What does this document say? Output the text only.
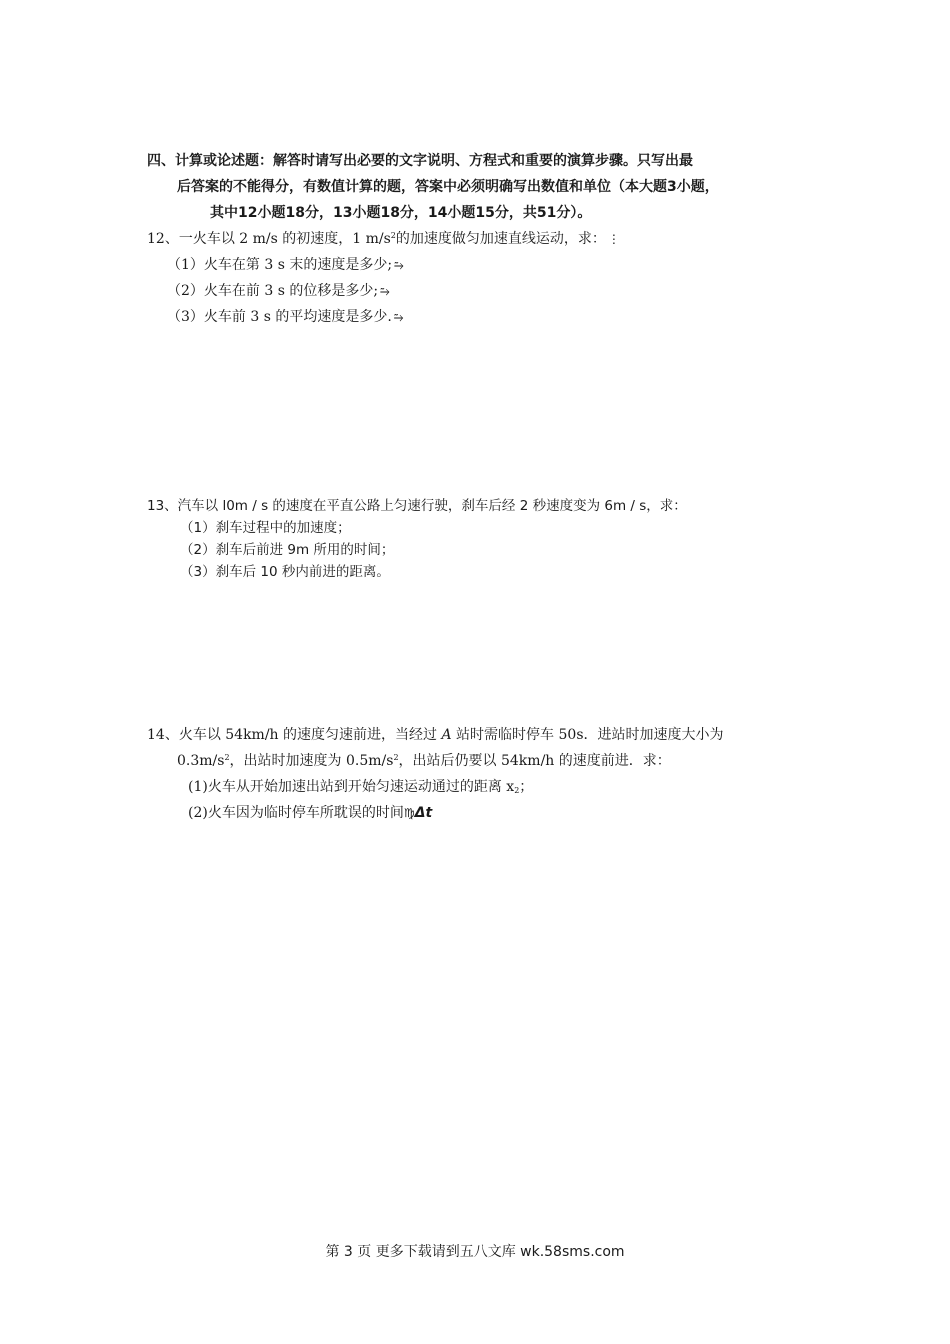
四、计算或论述题：解答时请写出必要的文字说明、方程式和重要的演算步骤。只写出最
后答案的不能得分，有数值计算的题，答案中必须明确写出数值和单位（本大题3小题，
其中12小题18分，13小题18分，14小题15分，共51分）。
12、一火车以 2 m/s 的初速度，1 $m/s^2$的加速度做匀加速直线运动，求： ⋮
（1）火车在第 3 s 末的速度是多少; ⥲
（2）火车在前 3 s 的位移是多少; ⥲
（3）火车前 3 s 的平均速度是多少. ⥲
13、汽车以 l0m / s 的速度在平直公路上匀速行驶，刹车后经 2 秒速度变为 6m / s，求：
（1）刹车过程中的加速度；
（2）刹车后前进 9m 所用的时间；
（3）刹车后 10 秒内前进的距离。
14、火车以 54km/h 的速度匀速前进，当经过 A 站时需临时停车 50s．进站时加速度大小为
$0.3m/s^2$，出站时加速度为 $0.5m/s^2$，出站后仍要以 54km/h 的速度前进．求：
(1)火车从开始加速出站到开始匀速运动通过的距离 $x_2$；
(2)火车因为临时停车所耽误的时间♍Δt
第 3 页 更多下载请到五八文库 wk.58sms.com
